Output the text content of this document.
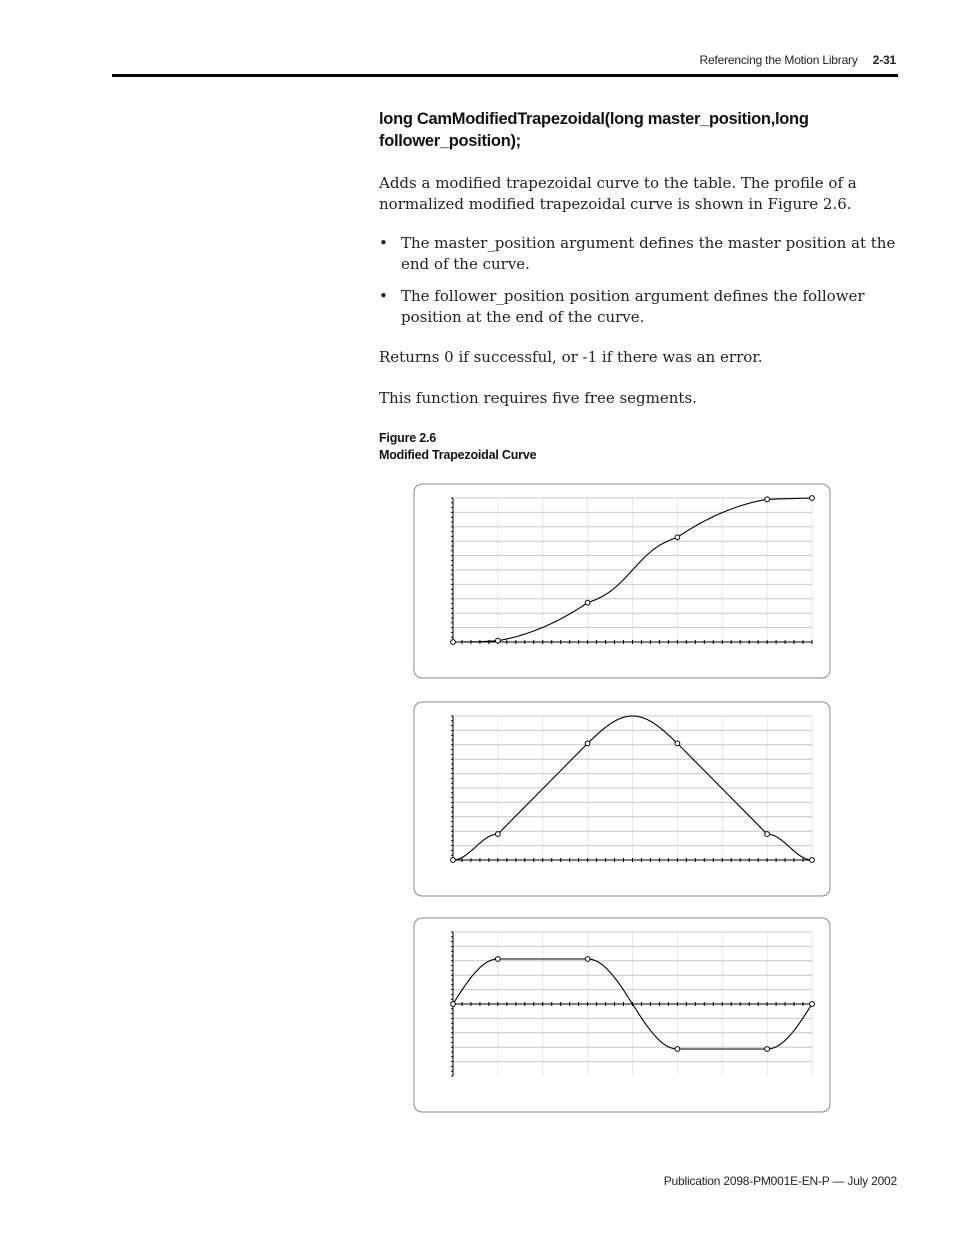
Referencing the Motion Library 2-31
long CamModifiedTrapezoidal(long master_position,long follower_position);

Adds a modified trapezoidal curve to the table. The profile of a normalized modified trapezoidal curve is shown in Figure 2.6.

• The master_position argument defines the master position at the end of the curve.
• The follower_position position argument defines the follower position at the end of the curve.

Returns 0 if successful, or -1 if there was an error.

This function requires five free segments.

Figure 2.6
Modified Trapezoidal Curve
Publication 2098-PM001E-EN-P — July 2002
